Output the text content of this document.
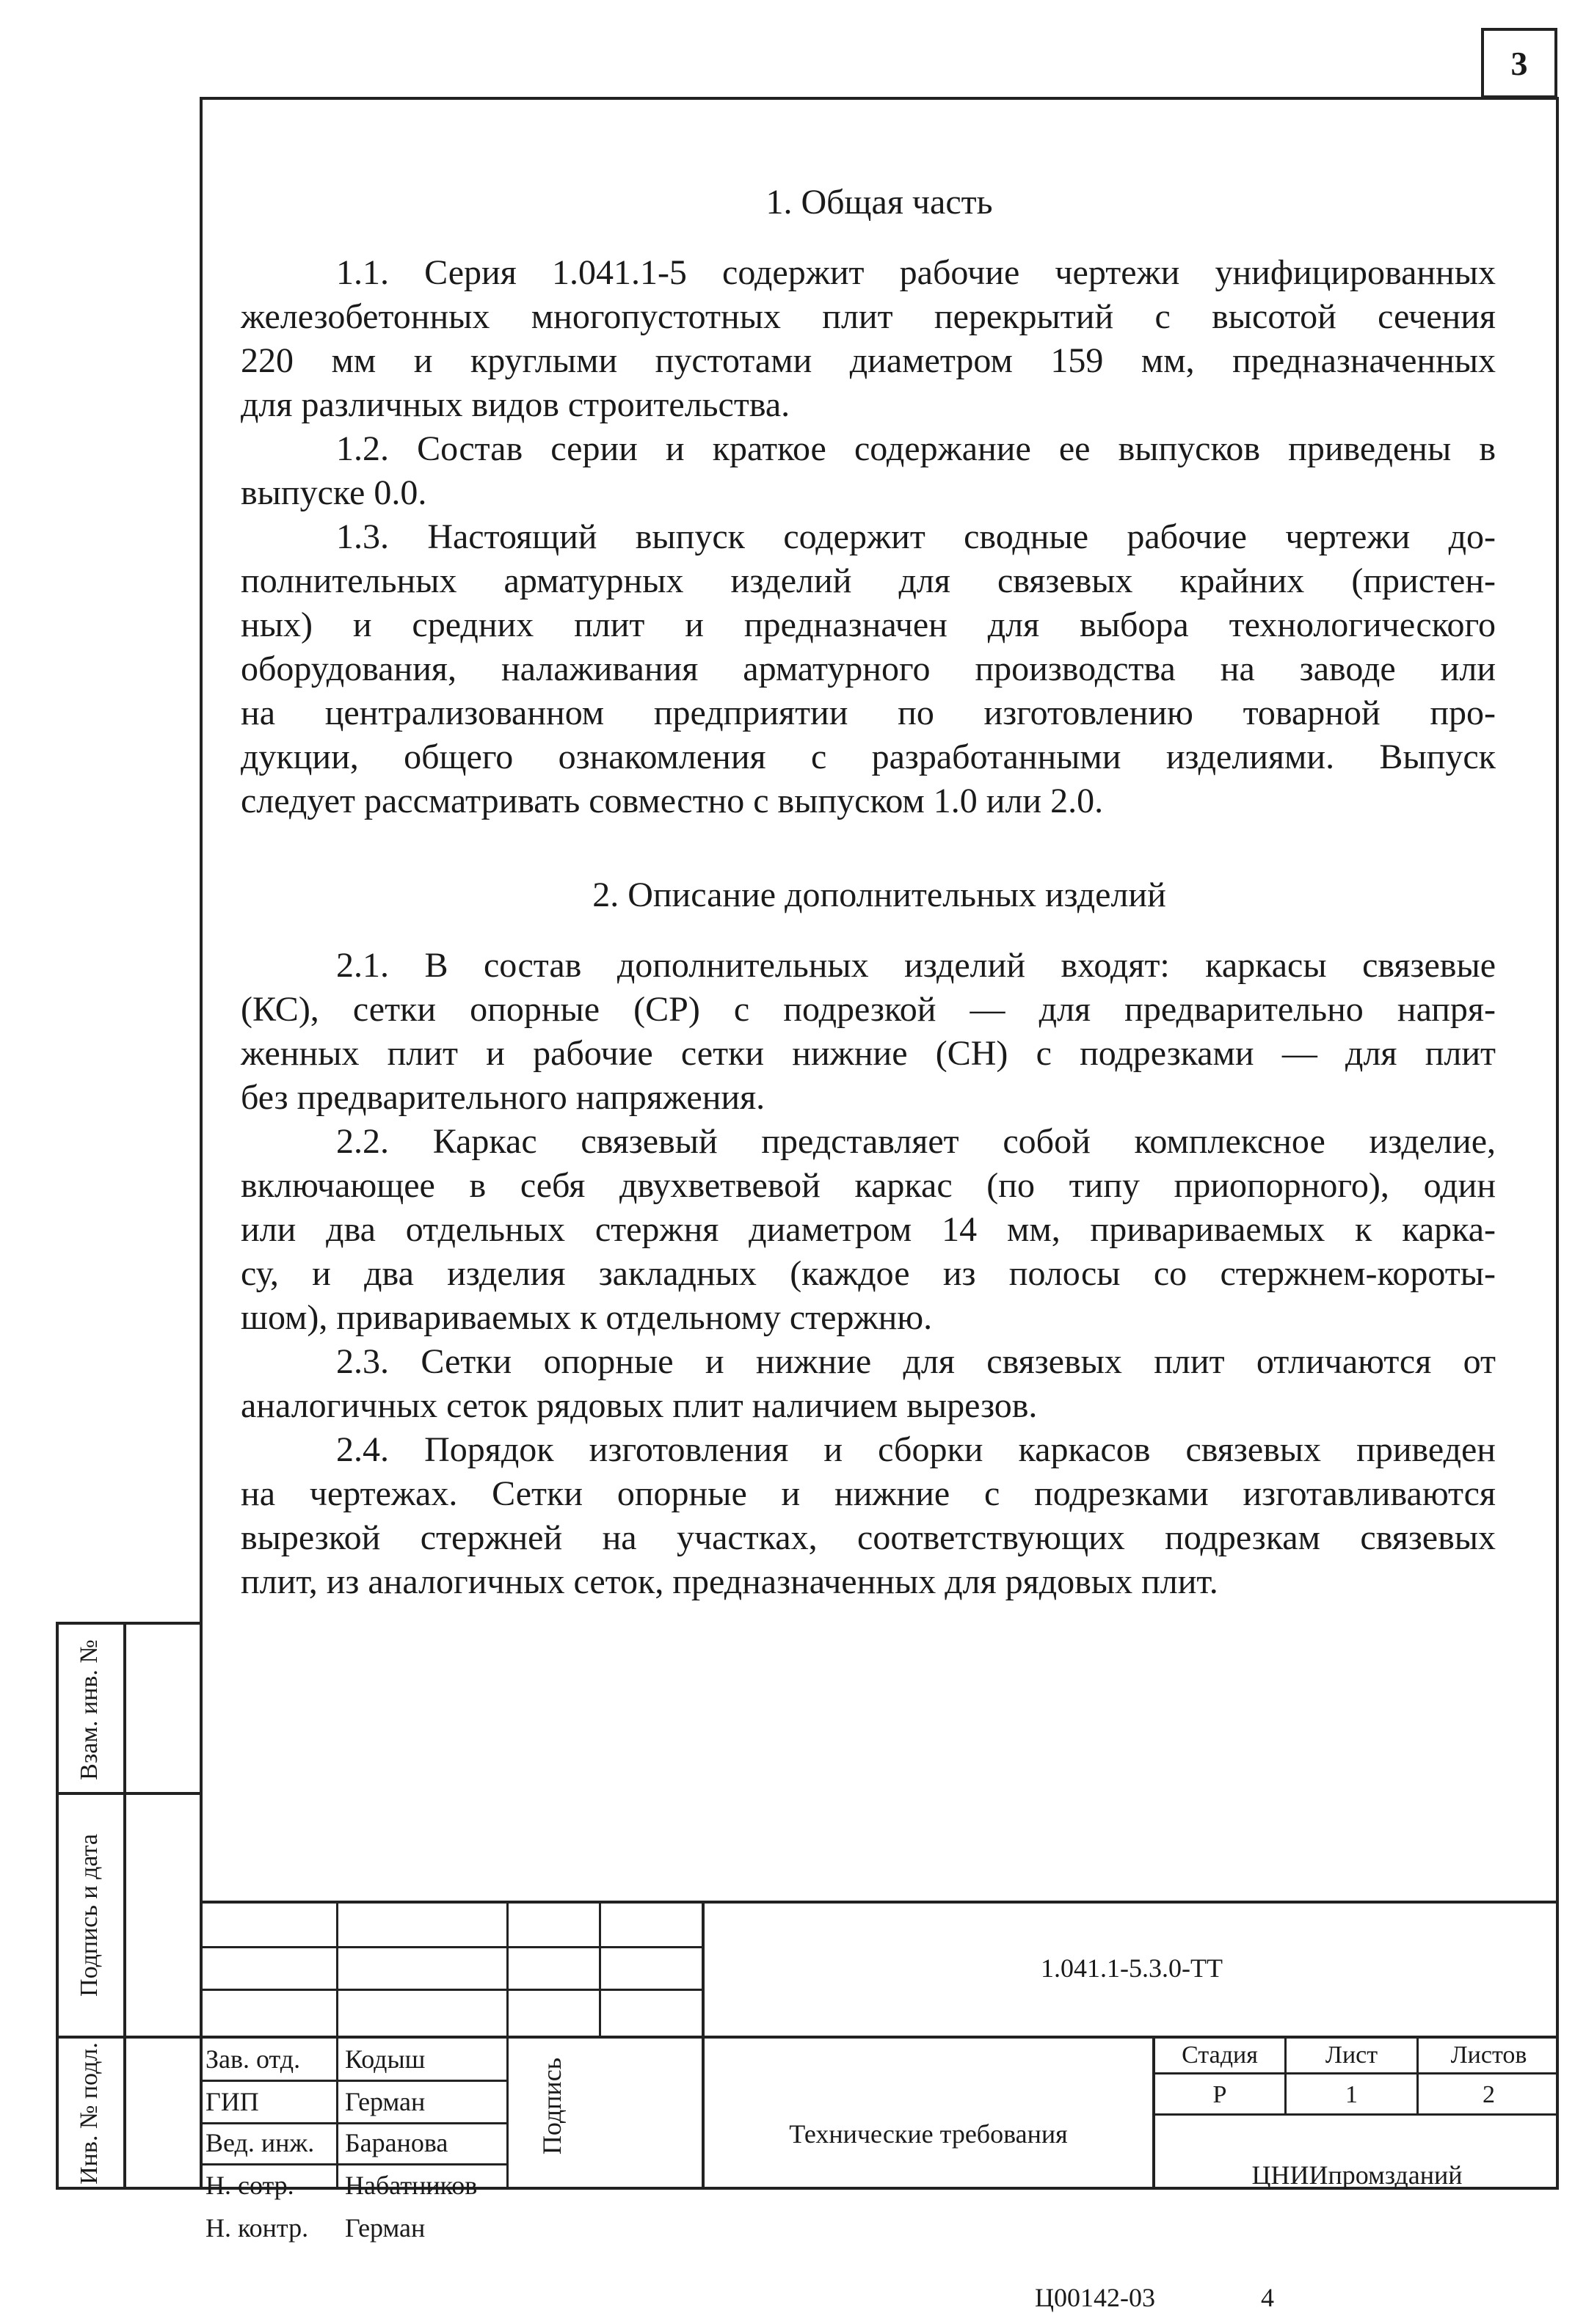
3
1. Общая часть
1.1. Серия 1.041.1-5 содержит рабочие чертежи унифицированных
железобетонных многопустотных плит перекрытий с высотой сечения
220 мм и круглыми пустотами диаметром 159 мм, предназначенных
для различных видов строительства.
1.2. Состав серии и краткое содержание ее выпусков приведены в
выпуске 0.0.
1.3. Настоящий выпуск содержит сводные рабочие чертежи до-
полнительных арматурных изделий для связевых крайних (пристен-
ных) и средних плит и предназначен для выбора технологического
оборудования, налаживания арматурного производства на заводе или
на централизованном предприятии по изготовлению товарной про-
дукции, общего ознакомления с разработанными изделиями. Выпуск
следует рассматривать совместно с выпуском 1.0 или 2.0.
2. Описание дополнительных изделий
2.1. В состав дополнительных изделий входят: каркасы связевые
(КС), сетки опорные (СР) с подрезкой — для предварительно напря-
женных плит и рабочие сетки нижние (СН) с подрезками — для плит
без предварительного напряжения.
2.2. Каркас связевый представляет собой комплексное изделие,
включающее в себя двухветвевой каркас (по типу приопорного), один
или два отдельных стержня диаметром 14 мм, привариваемых к карка-
су, и два изделия закладных (каждое из полосы со стержнем-короты-
шом), привариваемых к отдельному стержню.
2.3. Сетки опорные и нижние для связевых плит отличаются от
аналогичных сеток рядовых плит наличием вырезов.
2.4. Порядок изготовления и сборки каркасов связевых приведен
на чертежах. Сетки опорные и нижние с подрезками изготавливаются
вырезкой стержней на участках, соответствующих подрезкам связевых
плит, из аналогичных сеток, предназначенных для рядовых плит.
Взам. инв. №
Подпись и дата
Инв. № подл.
1.041.1-5.3.0-ТТ
Зав. отд. Кодыш
ГИП	Герман
Вед. инж. Баранова
Н. сотр. Набатников
Н. контр. Герман
Подпись	Технические требования
Стадия	Лист	Листов
Р	1	2
ЦНИИпромзданий
Ц00142-03	4
